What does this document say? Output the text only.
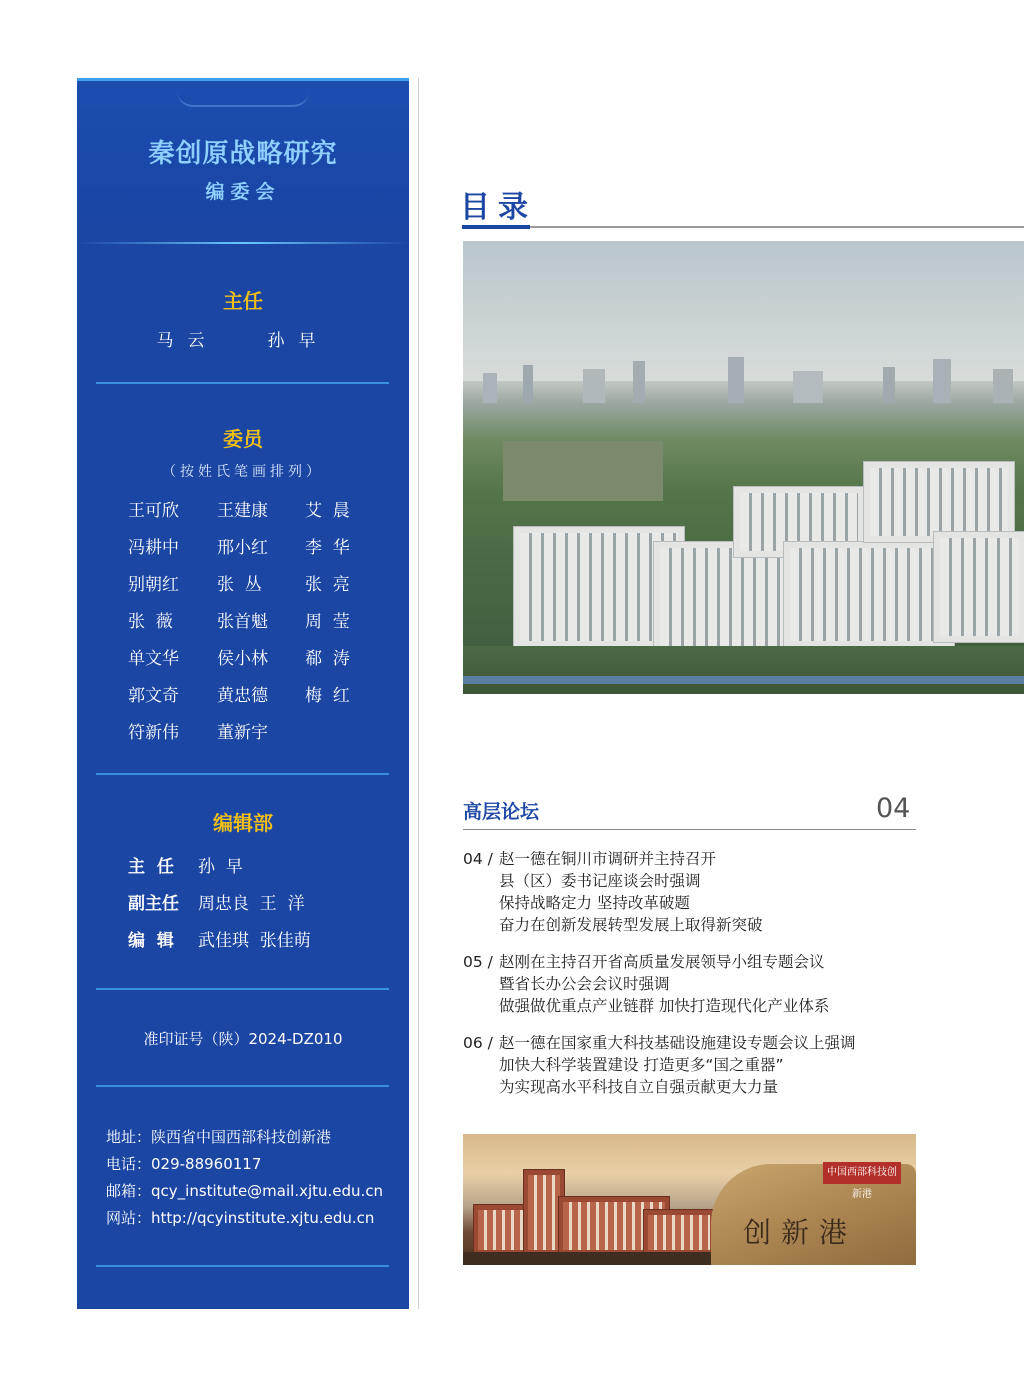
秦创原战略研究
编委会
主任
马云	孙早
委员
（按姓氏笔画排列）
王可欣 王建康 艾  晨
冯耕中 邢小红 李  华
别朝红 张  丛	张  亮
张  薇	张首魁 周  莹
单文华 侯小林 郗  涛
郭文奇 黄忠德 梅  红
符新伟 董新宇
编辑部
主  任 孙  早
副主任 周忠良  王  洋
编  辑 武佳琪  张佳萌
准印证号（陕）2024-DZ010
地址：陕西省中国西部科技创新港
电话：029-88960117
邮箱：qcy_institute@mail.xjtu.edu.cn
网站：http://qcyinstitute.xjtu.edu.cn
目录
高层论坛	04
04 / 赵一德在铜川市调研并主持召开
县（区）委书记座谈会时强调
保持战略定力 坚持改革破题
奋力在创新发展转型发展上取得新突破
05 / 赵刚在主持召开省高质量发展领导小组专题会议
暨省长办公会会议时强调
做强做优重点产业链群 加快打造现代化产业体系
06 / 赵一德在国家重大科技基础设施建设专题会议上强调
加快大科学装置建设 打造更多“国之重器”
为实现高水平科技自立自强贡献更大力量
中国西部科技创新港
创新港
